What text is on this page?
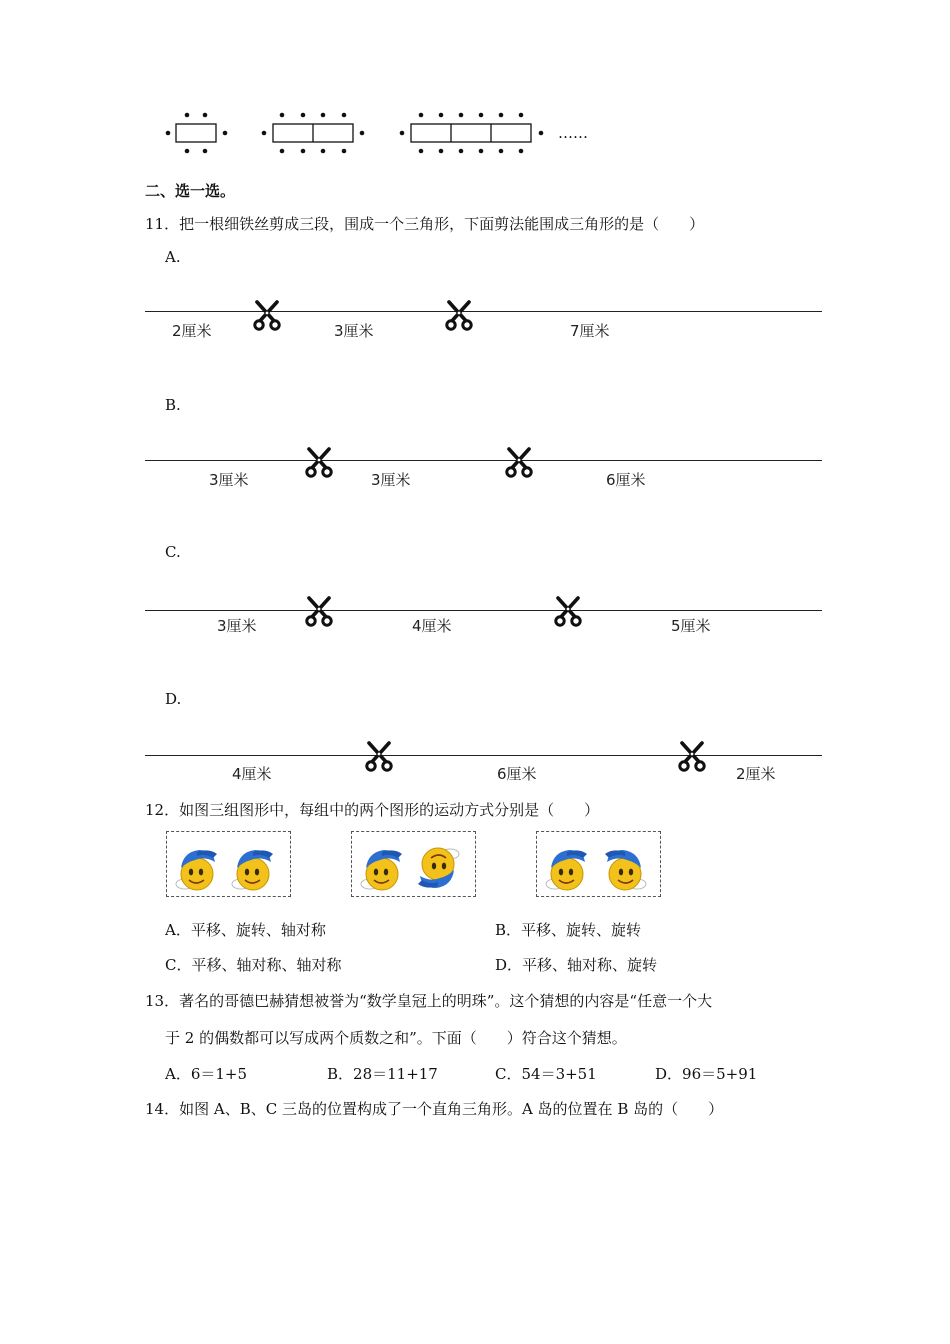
……
二、选一选。
11．把一根细铁丝剪成三段，围成一个三角形，下面剪法能围成三角形的是（　　）
A.
2厘米	3厘米	7厘米
B.
3厘米	3厘米	6厘米
C.
3厘米	4厘米	5厘米
D.
4厘米	6厘米	2厘米
12．如图三组图形中，每组中的两个图形的运动方式分别是（　　）
A．平移、旋转、轴对称	B．平移、旋转、旋转
C．平移、轴对称、轴对称	D．平移、轴对称、旋转
13．著名的哥德巴赫猜想被誉为“数学皇冠上的明珠”。这个猜想的内容是“任意一个大
于 2 的偶数都可以写成两个质数之和”。下面（　　）符合这个猜想。
A．6＝1+5	B．28＝11+17	C．54＝3+51	D．96＝5+91
14．如图 A、B、C 三岛的位置构成了一个直角三角形。A 岛的位置在 B 岛的（　　）
